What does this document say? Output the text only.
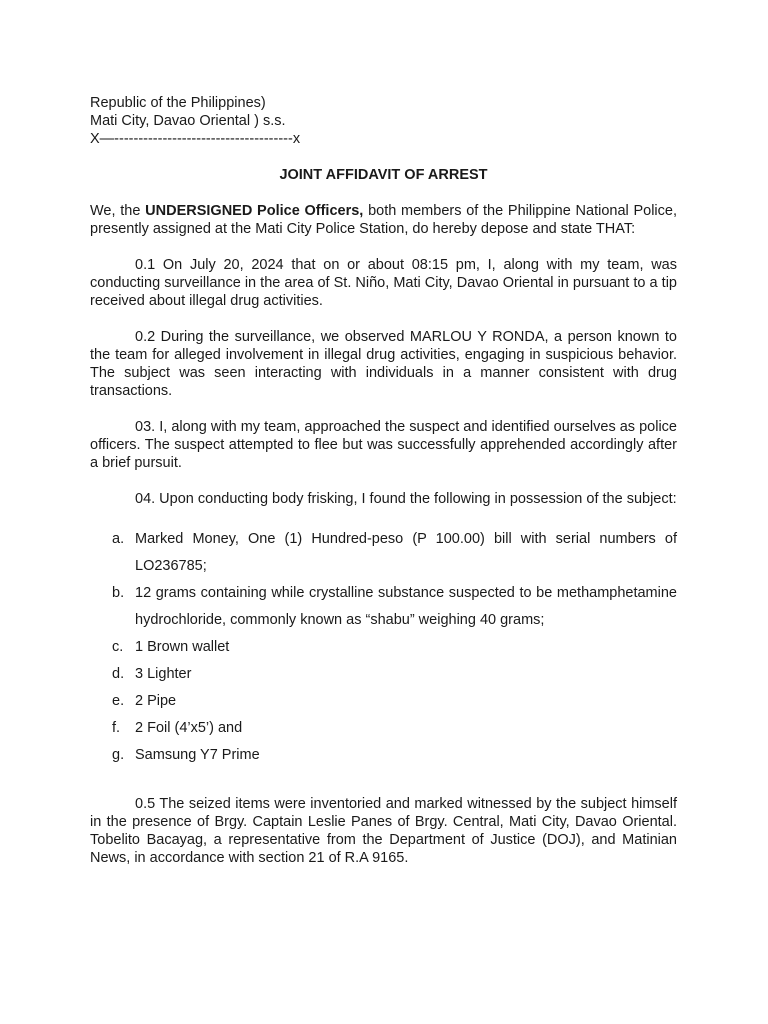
Republic of the Philippines)
Mati City, Davao Oriental ) s.s.
X—-------------------------------------x
JOINT AFFIDAVIT OF ARREST
We, the UNDERSIGNED Police Officers, both members of the Philippine National Police, presently assigned at the Mati City Police Station, do hereby depose and state THAT:
0.1 On July 20, 2024 that on or about 08:15 pm, I, along with my team, was conducting surveillance in the area of St. Niño, Mati City, Davao Oriental in pursuant to a tip received about illegal drug activities.
0.2 During the surveillance, we observed MARLOU Y RONDA, a person known to the team for alleged involvement in illegal drug activities, engaging in suspicious behavior. The subject was seen interacting with individuals in a manner consistent with drug transactions.
03. I, along with my team, approached the suspect and identified ourselves as police officers. The suspect attempted to flee but was successfully apprehended accordingly after a brief pursuit.
04. Upon conducting body frisking, I found the following in possession of the subject:
a. Marked Money, One (1) Hundred-peso (P 100.00) bill with serial numbers of LO236785;
b. 12 grams containing while crystalline substance suspected to be methamphetamine hydrochloride, commonly known as “shabu” weighing 40 grams;
c. 1 Brown wallet
d. 3 Lighter
e. 2 Pipe
f. 2 Foil (4’x5’) and
g. Samsung Y7 Prime
0.5 The seized items were inventoried and marked witnessed by the subject himself in the presence of Brgy. Captain Leslie Panes of Brgy. Central, Mati City, Davao Oriental. Tobelito Bacayag, a representative from the Department of Justice (DOJ), and Matinian News, in accordance with section 21 of R.A 9165.
